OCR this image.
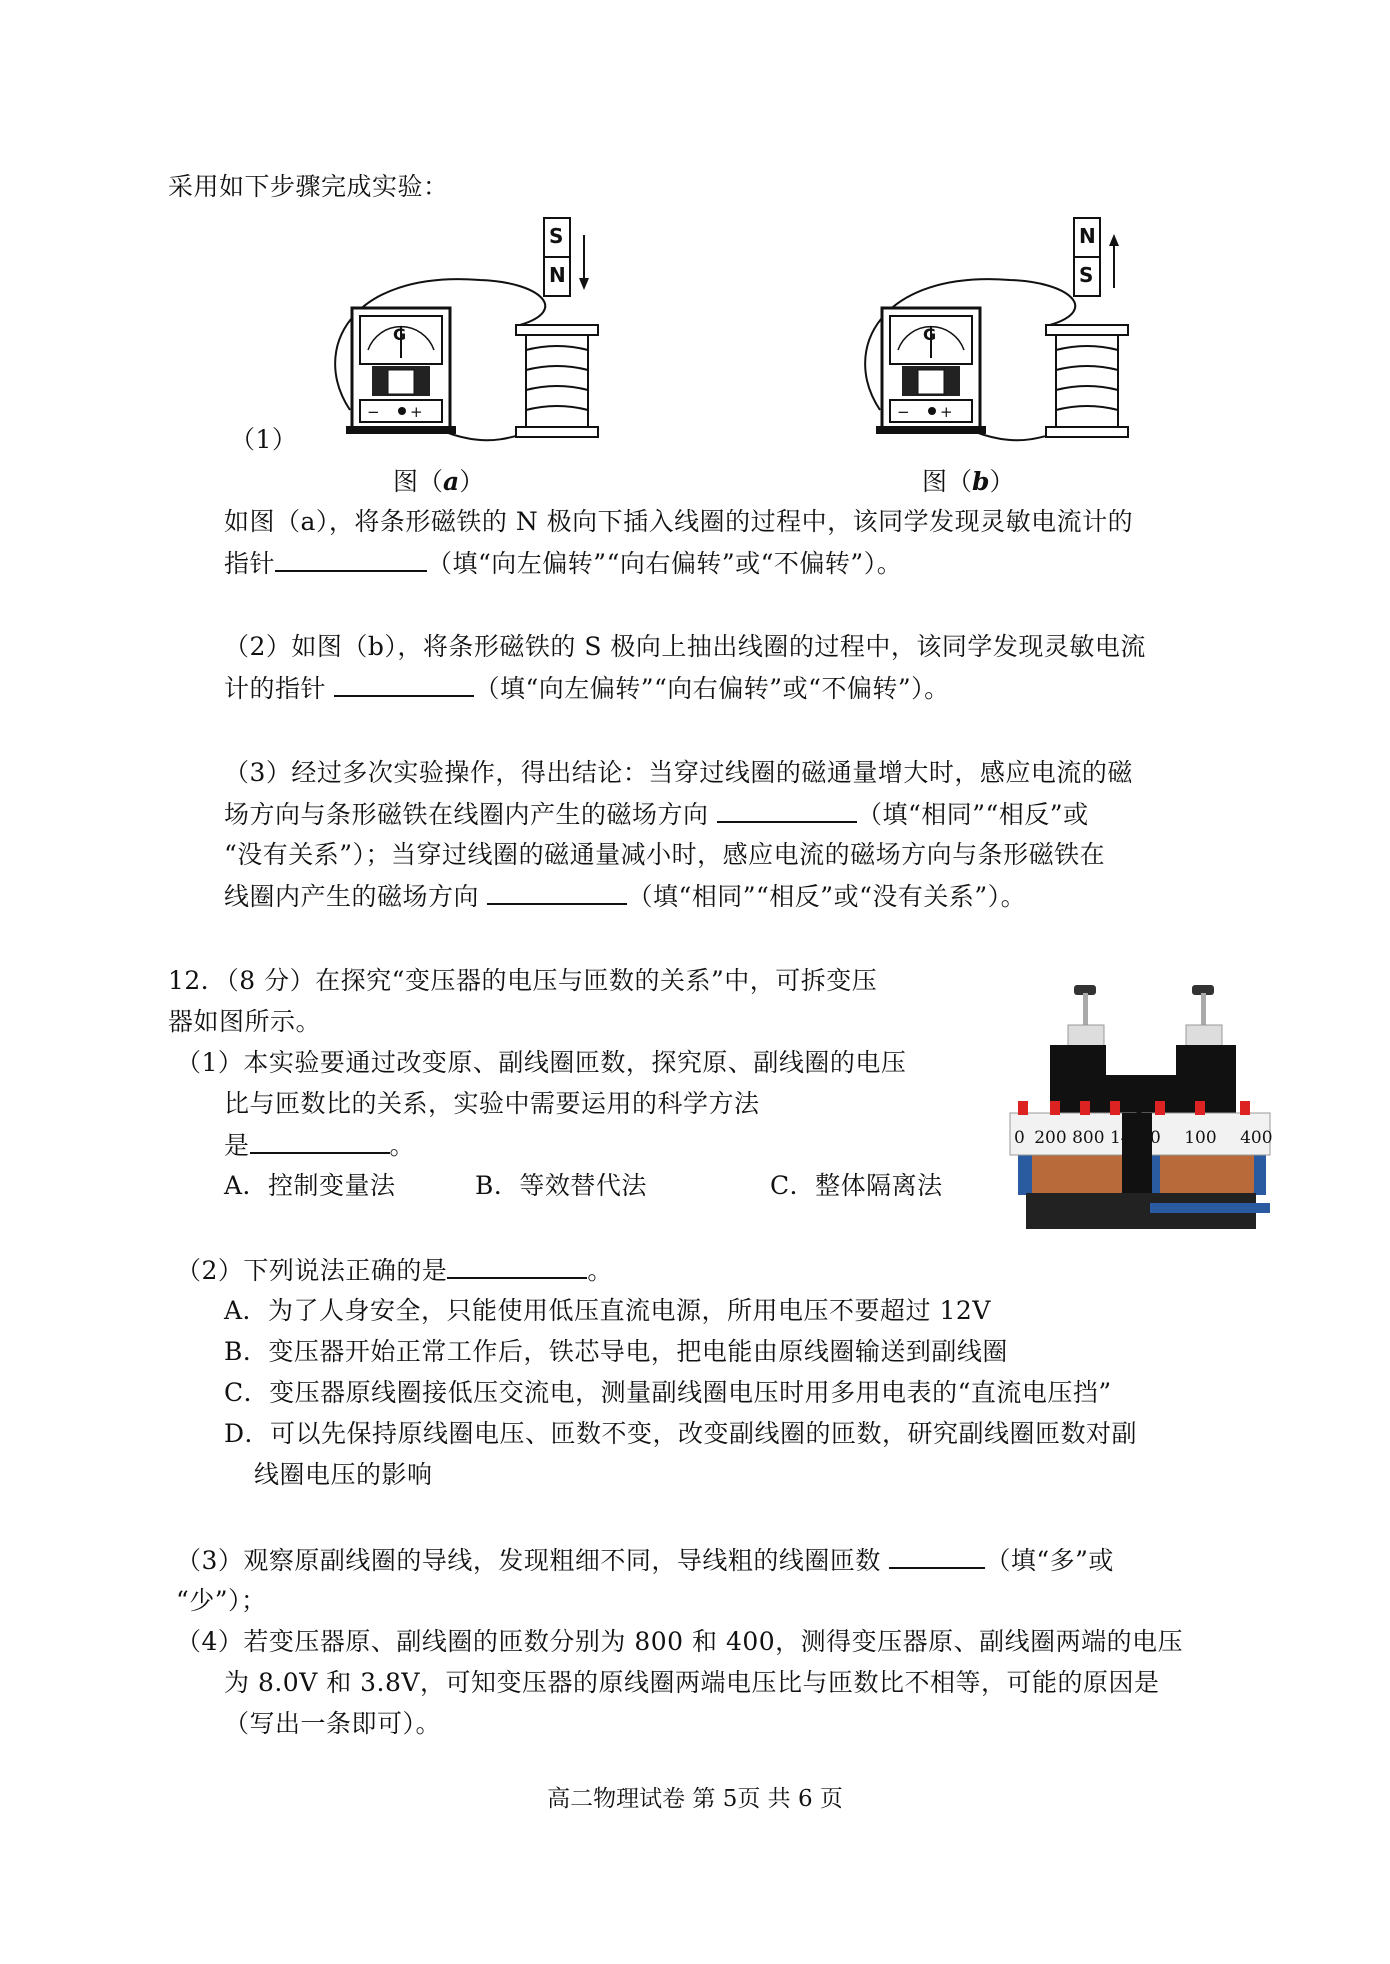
采用如下步骤完成实验：
S
N
G
− +
（1）
图（a）
N
S
G
− +
图（b）
如图（a），将条形磁铁的 N 极向下插入线圈的过程中，该同学发现灵敏电流计的
指针	（填“向左偏转”“向右偏转”或“不偏转”）。
（2）如图（b），将条形磁铁的 S 极向上抽出线圈的过程中，该同学发现灵敏电流
计的指针	（填“向左偏转”“向右偏转”或“不偏转”）。
（3）经过多次实验操作，得出结论：当穿过线圈的磁通量增大时，感应电流的磁
场方向与条形磁铁在线圈内产生的磁场方向	（填“相同”“相反”或
“没有关系”）；当穿过线圈的磁通量减小时，感应电流的磁场方向与条形磁铁在
线圈内产生的磁场方向	（填“相同”“相反”或“没有关系”）。
12．（8 分）在探究“变压器的电压与匝数的关系”中，可拆变压
器如图所示。
（1）本实验要通过改变原、副线圈匝数，探究原、副线圈的电压
比与匝数比的关系，实验中需要运用的科学方法
是	。
A．控制变量法	B．等效替代法	C．整体隔离法
0 200 800 1400
0 100 400
（2）下列说法正确的是	。
A．为了人身安全，只能使用低压直流电源，所用电压不要超过 12V
B．变压器开始正常工作后，铁芯导电，把电能由原线圈输送到副线圈
C．变压器原线圈接低压交流电，测量副线圈电压时用多用电表的“直流电压挡”
D．可以先保持原线圈电压、匝数不变，改变副线圈的匝数，研究副线圈匝数对副
线圈电压的影响
（3）观察原副线圈的导线，发现粗细不同，导线粗的线圈匝数	（填“多”或
“少”）；
（4）若变压器原、副线圈的匝数分别为 800 和 400，测得变压器原、副线圈两端的电压
为 8.0V 和 3.8V，可知变压器的原线圈两端电压比与匝数比不相等，可能的原因是
（写出一条即可）。
高二物理试卷 第 5页 共 6 页
